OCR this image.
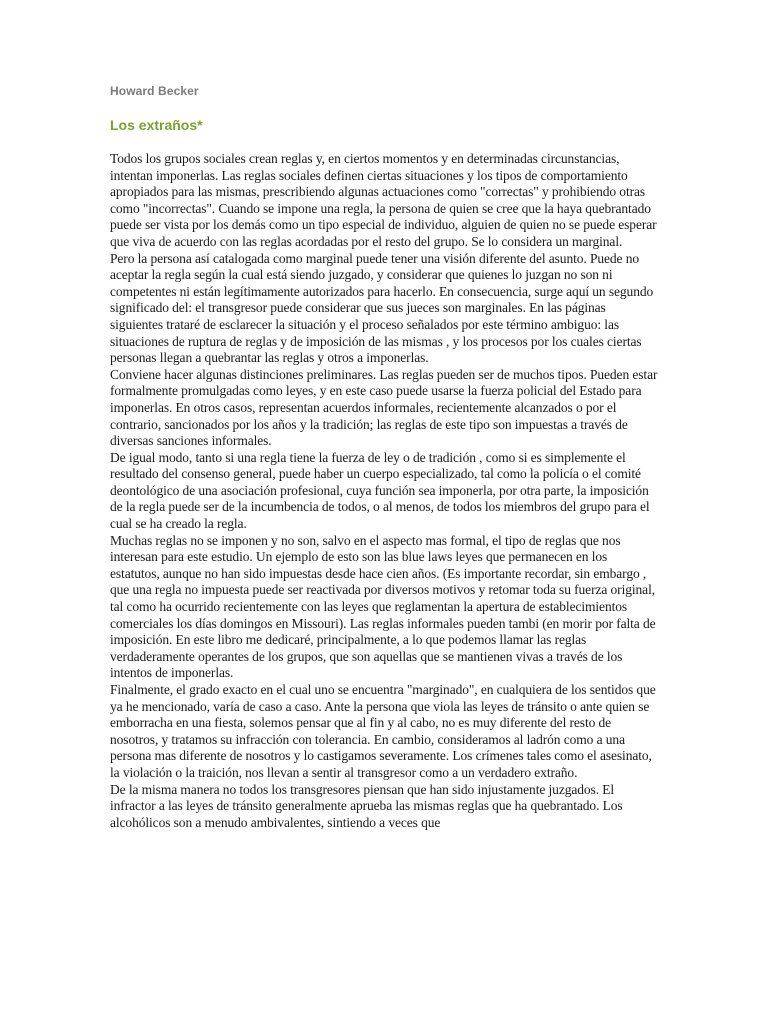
Howard Becker
Los extraños*

Todos los grupos sociales crean reglas y, en ciertos momentos y en determinadas circunstancias, intentan imponerlas. Las reglas sociales definen ciertas situaciones y los tipos de comportamiento apropiados para las mismas, prescribiendo algunas actuaciones como "correctas" y prohibiendo otras como "incorrectas". Cuando se impone una regla, la persona de quien se cree que la haya quebrantado puede ser vista por los demás como un tipo especial de individuo, alguien de quien no se puede esperar que viva de acuerdo con las reglas acordadas por el resto del grupo. Se lo considera un marginal.

Pero la persona así catalogada como marginal puede tener una visión diferente del asunto. Puede no aceptar la regla según la cual está siendo juzgado, y considerar que quienes lo juzgan no son ni competentes ni están legítimamente autorizados para hacerlo. En consecuencia, surge aquí un segundo significado del: el transgresor puede considerar que sus jueces son marginales. En las páginas siguientes trataré de esclarecer la situación y el proceso señalados por este término ambiguo: las situaciones de ruptura de reglas y de imposición de las mismas , y los procesos por los cuales ciertas personas llegan a quebrantar las reglas y otros a imponerlas.

Conviene hacer algunas distinciones preliminares. Las reglas pueden ser de muchos tipos. Pueden estar formalmente promulgadas como leyes, y en este caso puede usarse la fuerza policial del Estado para imponerlas. En otros casos, representan acuerdos informales, recientemente alcanzados o por el contrario, sancionados por los años y la tradición; las reglas de este tipo son impuestas a través de diversas sanciones informales.

De igual modo, tanto si una regla tiene la fuerza de ley o de tradición , como si es simplemente el resultado del consenso general, puede haber un cuerpo especializado, tal como la policía o el comité deontológico de una asociación profesional, cuya función sea imponerla, por otra parte, la imposición de la regla puede ser de la incumbencia de todos, o al menos, de todos los miembros del grupo para el cual se ha creado la regla.

Muchas reglas no se imponen y no son, salvo en el aspecto mas formal, el tipo de reglas que nos interesan para este estudio. Un ejemplo de esto son las blue laws leyes que permanecen en los estatutos, aunque no han sido impuestas desde hace cien años. (Es importante recordar, sin embargo , que una regla no impuesta puede ser reactivada por diversos motivos y retomar toda su fuerza original, tal como ha ocurrido recientemente con las leyes que reglamentan la apertura de establecimientos comerciales los días domingos en Missouri). Las reglas informales pueden tambi (en morir por falta de imposición. En este libro me dedicaré, principalmente, a lo que podemos llamar las reglas verdaderamente operantes de los grupos, que son aquellas que se mantienen vivas a través de los intentos de imponerlas.

Finalmente, el grado exacto en el cual uno se encuentra "marginado", en cualquiera de los sentidos que ya he mencionado, varía de caso a caso. Ante la persona que viola las leyes de tránsito o ante quien se emborracha en una fiesta, solemos pensar que al fin y al cabo, no es muy diferente del resto de nosotros, y tratamos su infracción con tolerancia. En cambio, consideramos al ladrón como a una persona mas diferente de nosotros y lo castigamos severamente. Los crímenes tales como el asesinato, la violación o la traición, nos llevan a sentir al transgresor como a un verdadero extraño.

De la misma manera no todos los transgresores piensan que han sido injustamente juzgados. El infractor a las leyes de tránsito generalmente aprueba las mismas reglas que ha quebrantado. Los alcohólicos son a menudo ambivalentes, sintiendo a veces que
